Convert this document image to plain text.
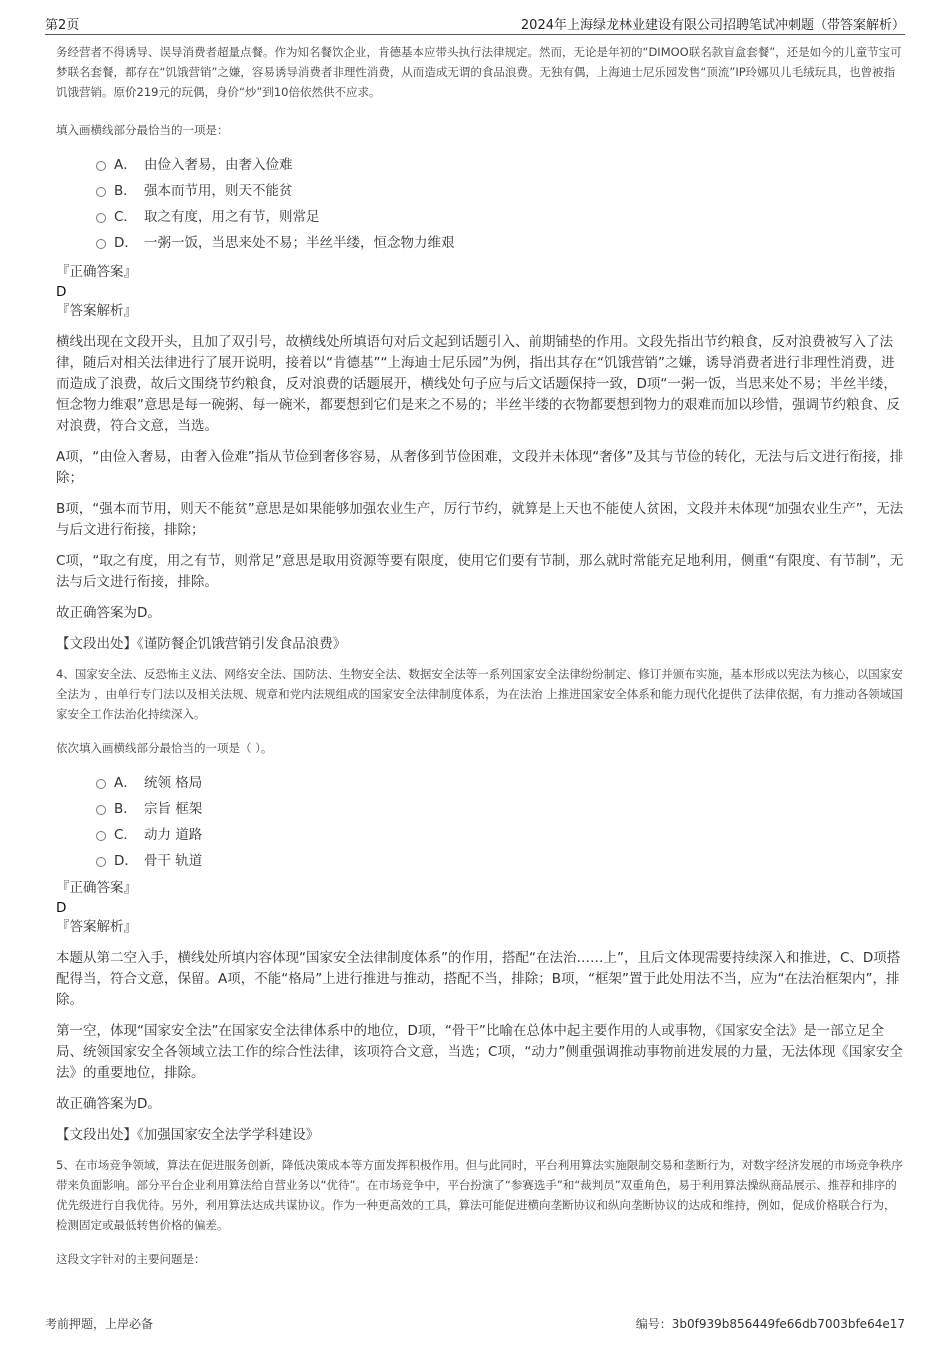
第2页	2024年上海绿龙林业建设有限公司招聘笔试冲刺题（带答案解析）

务经营者不得诱导、误导消费者超量点餐。作为知名餐饮企业，肯德基本应带头执行法律规定。然而，无论是年初的“DIMOO联名款盲盒套餐”，还是如今的儿童节宝可梦联名套餐，都存在“饥饿营销”之嫌，容易诱导消费者非理性消费，从而造成无谓的食品浪费。无独有偶，上海迪士尼乐园发售“顶流”IP玲娜贝儿毛绒玩具，也曾被指饥饿营销。原价219元的玩偶，身价“炒”到10倍依然供不应求。

填入画横线部分最恰当的一项是：

A． 由俭入奢易，由奢入俭难
B． 强本而节用，则天不能贫
C． 取之有度，用之有节，则常足
D． 一粥一饭，当思来处不易；半丝半缕，恒念物力维艰

『正确答案』

D

『答案解析』

横线出现在文段开头，且加了双引号，故横线处所填语句对后文起到话题引入、前期铺垫的作用。文段先指出节约粮食，反对浪费被写入了法律，随后对相关法律进行了展开说明，接着以“肯德基”“上海迪士尼乐园”为例，指出其存在“饥饿营销”之嫌，诱导消费者进行非理性消费，进而造成了浪费，故后文围绕节约粮食，反对浪费的话题展开，横线处句子应与后文话题保持一致，D项“一粥一饭，当思来处不易；半丝半缕，恒念物力维艰”意思是每一碗粥、每一碗米，都要想到它们是来之不易的；半丝半缕的衣物都要想到物力的艰难而加以珍惜，强调节约粮食、反对浪费，符合文意，当选。

A项，“由俭入奢易，由奢入俭难”指从节俭到奢侈容易，从奢侈到节俭困难，文段并未体现“奢侈”及其与节俭的转化，无法与后文进行衔接，排除；

B项，“强本而节用，则天不能贫”意思是如果能够加强农业生产，厉行节约，就算是上天也不能使人贫困，文段并未体现“加强农业生产”，无法与后文进行衔接，排除；

C项，“取之有度，用之有节，则常足”意思是取用资源等要有限度，使用它们要有节制，那么就时常能充足地利用，侧重“有限度、有节制”，无法与后文进行衔接，排除。

故正确答案为D。

【文段出处】《谨防餐企饥饿营销引发食品浪费》

4、国家安全法、反恐怖主义法、网络安全法、国防法、生物安全法、数据安全法等一系列国家安全法律纷纷制定、修订并颁布实施，基本形成以宪法为核心，以国家安全法为 ，由单行专门法以及相关法规、规章和党内法规组成的国家安全法律制度体系，为在法治 上推进国家安全体系和能力现代化提供了法律依据，有力推动各领域国家安全工作法治化持续深入。

依次填入画横线部分最恰当的一项是（ ）。

A． 统领 格局
B． 宗旨 框架
C． 动力 道路
D． 骨干 轨道

『正确答案』

D

『答案解析』

本题从第二空入手，横线处所填内容体现“国家安全法律制度体系”的作用，搭配“在法治……上”，且后文体现需要持续深入和推进，C、D项搭配得当，符合文意，保留。A项，不能“格局”上进行推进与推动，搭配不当，排除；B项，“框架”置于此处用法不当，应为“在法治框架内”，排除。

第一空，体现“国家安全法”在国家安全法律体系中的地位，D项，“骨干”比喻在总体中起主要作用的人或事物，《国家安全法》是一部立足全局、统领国家安全各领域立法工作的综合性法律，该项符合文意，当选；C项，“动力”侧重强调推动事物前进发展的力量，无法体现《国家安全法》的重要地位，排除。

故正确答案为D。

【文段出处】《加强国家安全法学学科建设》

5、在市场竞争领域，算法在促进服务创新，降低决策成本等方面发挥积极作用。但与此同时，平台利用算法实施限制交易和垄断行为，对数字经济发展的市场竞争秩序带来负面影响。部分平台企业利用算法给自营业务以“优待”。在市场竞争中，平台扮演了“参赛选手”和“裁判员”双重角色，易于利用算法操纵商品展示、推荐和排序的优先级进行自我优待。另外，利用算法达成共谋协议。作为一种更高效的工具，算法可能促进横向垄断协议和纵向垄断协议的达成和维持，例如，促成价格联合行为，检测固定或最低转售价格的偏差。

这段文字针对的主要问题是：

考前押题，上岸必备	编号：3b0f939b856449fe66db7003bfe64e17
